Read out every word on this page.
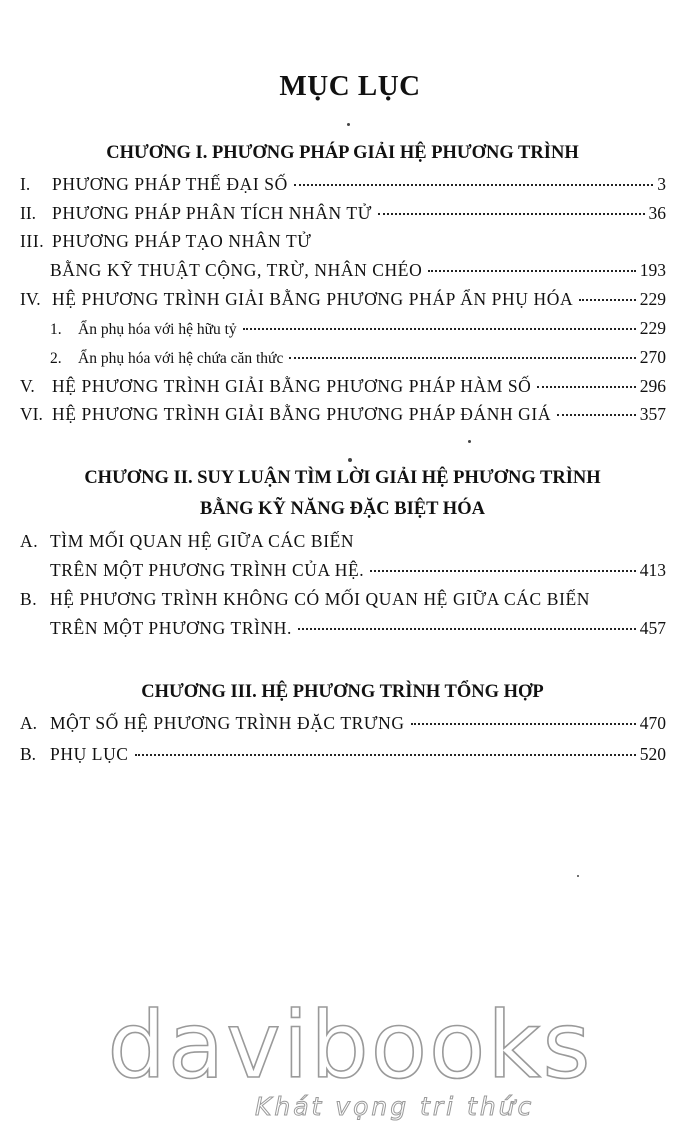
MỤC LỤC
CHƯƠNG I. PHƯƠNG PHÁP GIẢI HỆ PHƯƠNG TRÌNH
I.	PHƯƠNG PHÁP THẾ ĐẠI SỐ	3
II. PHƯƠNG PHÁP PHÂN TÍCH NHÂN TỬ	36
III. PHƯƠNG PHÁP TẠO NHÂN TỬ
BẰNG KỸ THUẬT CỘNG, TRỪ, NHÂN CHÉO	193
IV. HỆ PHƯƠNG TRÌNH GIẢI BẰNG PHƯƠNG PHÁP ẨN PHỤ HÓA	229
1.	Ẩn phụ hóa với hệ hữu tỷ	229
2.	Ẩn phụ hóa với hệ chứa căn thức	270
V. HỆ PHƯƠNG TRÌNH GIẢI BẰNG PHƯƠNG PHÁP HÀM SỐ	296
VI. HỆ PHƯƠNG TRÌNH GIẢI BẰNG PHƯƠNG PHÁP ĐÁNH GIÁ	357
CHƯƠNG II. SUY LUẬN TÌM LỜI GIẢI HỆ PHƯƠNG TRÌNH
BẰNG KỸ NĂNG ĐẶC BIỆT HÓA
A. TÌM MỐI QUAN HỆ GIỮA CÁC BIẾN
TRÊN MỘT PHƯƠNG TRÌNH CỦA HỆ.	413
B. HỆ PHƯƠNG TRÌNH KHÔNG CÓ MỐI QUAN HỆ GIỮA CÁC BIẾN
TRÊN MỘT PHƯƠNG TRÌNH.	457
CHƯƠNG III. HỆ PHƯƠNG TRÌNH TỔNG HỢP
A. MỘT SỐ HỆ PHƯƠNG TRÌNH ĐẶC TRƯNG	470
B. PHỤ LỤC	520
davibooks
Khát vọng tri thức
